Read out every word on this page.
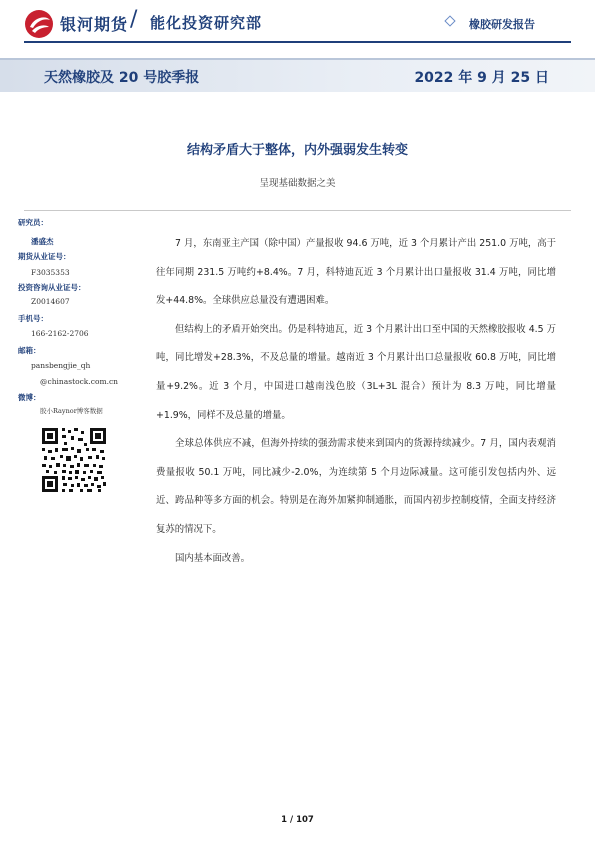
银河期货 / 能化投资研究部	橡胶研发报告
天然橡胶及 20 号胶季报	2022 年 9 月 25 日
结构矛盾大于整体，内外强弱发生转变
呈现基础数据之美
研究员：
潘盛杰
期货从业证号：
F3035353
投资咨询从业证号：
Z0014607
手机号：
166-2162-2706
邮箱：
pansbengjie_qh
@chinastock.com.cn
微博：
胶小Raynor博客数据

7 月，东南亚主产国（除中国）产量报收 94.6 万吨，近 3 个月累计产出 251.0 万吨，高于往年同期 231.5 万吨约+8.4%。7 月，科特迪瓦近 3 个月累计出口量报收 31.4 万吨，同比增发+44.8%。全球供应总量没有遭遇困难。

但结构上的矛盾开始突出。仍是科特迪瓦，近 3 个月累计出口至中国的天然橡胶报收 4.5 万吨，同比增发+28.3%，不及总量的增量。越南近 3 个月累计出口总量报收 60.8 万吨，同比增量+9.2%。近 3 个月，中国进口越南浅色胶（3L+3L 混合）预计为 8.3 万吨，同比增量+1.9%，同样不及总量的增量。

全球总体供应不减，但海外持续的强劲需求使来到国内的货源持续减少。7 月，国内表观消费量报收 50.1 万吨，同比减少-2.0%，为连续第 5 个月边际减量。这可能引发包括内外、远近、跨品种等多方面的机会。特别是在海外加紧抑制通胀，而国内初步控制疫情，全面支持经济复苏的情况下。

国内基本面改善。

1 / 107
